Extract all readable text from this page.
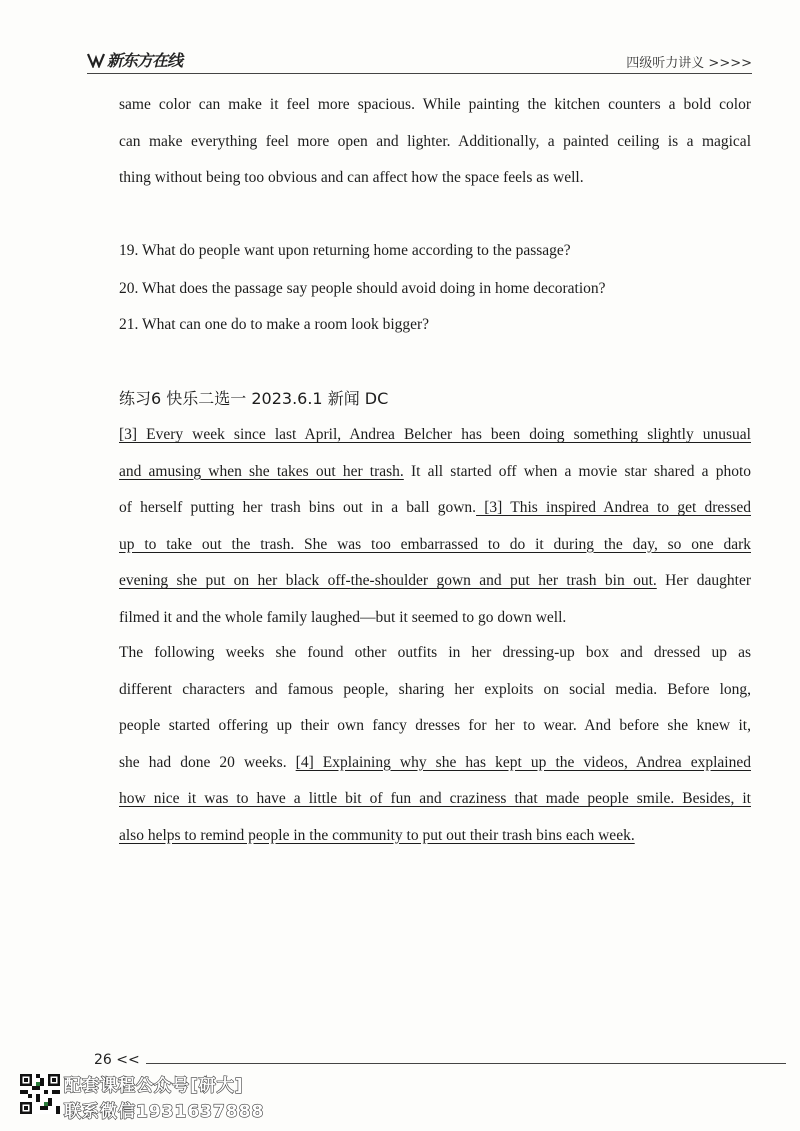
新东方在线	四级听力讲义 >>>>
same color can make it feel more spacious. While painting the kitchen counters a bold color
can make everything feel more open and lighter. Additionally, a painted ceiling is a magical
thing without being too obvious and can affect how the space feels as well.
19. What do people want upon returning home according to the passage?
20. What does the passage say people should avoid doing in home decoration?
21. What can one do to make a room look bigger?
练习6 快乐二选一 2023.6.1 新闻 DC
[3] Every week since last April, Andrea Belcher has been doing something slightly unusual
and amusing when she takes out her trash. It all started off when a movie star shared a photo
of herself putting her trash bins out in a ball gown. [3] This inspired Andrea to get dressed
up to take out the trash. She was too embarrassed to do it during the day, so one dark
evening she put on her black off-the-shoulder gown and put her trash bin out. Her daughter
filmed it and the whole family laughed—but it seemed to go down well.
The following weeks she found other outfits in her dressing-up box and dressed up as
different characters and famous people, sharing her exploits on social media. Before long,
people started offering up their own fancy dresses for her to wear. And before she knew it,
she had done 20 weeks. [4] Explaining why she has kept up the videos, Andrea explained
how nice it was to have a little bit of fun and craziness that made people smile. Besides, it
also helps to remind people in the community to put out their trash bins each week.
26 <<
配套课程公众号[研大]
联系微信1931637888
